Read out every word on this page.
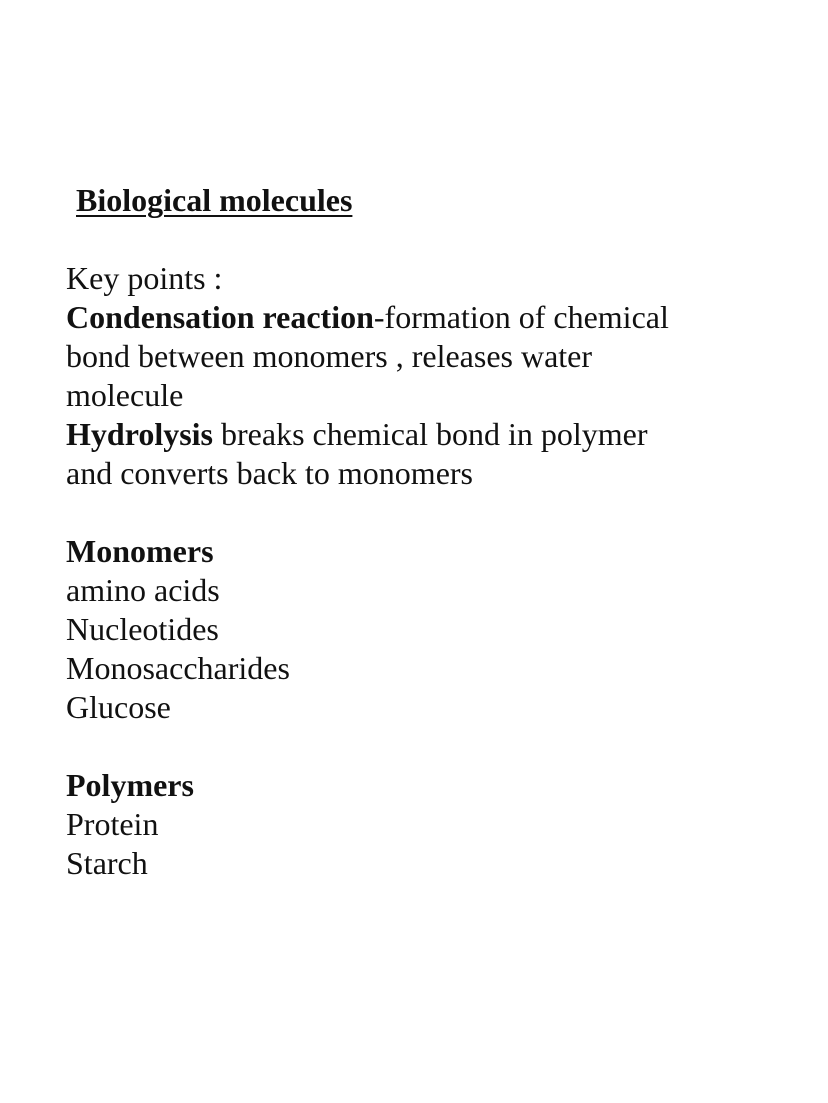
Biological molecules
Key points :
Condensation reaction-formation of chemical
bond between monomers , releases water
molecule
Hydrolysis breaks chemical bond in polymer
and converts back to monomers
Monomers
amino acids
Nucleotides
Monosaccharides
Glucose
Polymers
Protein
Starch
